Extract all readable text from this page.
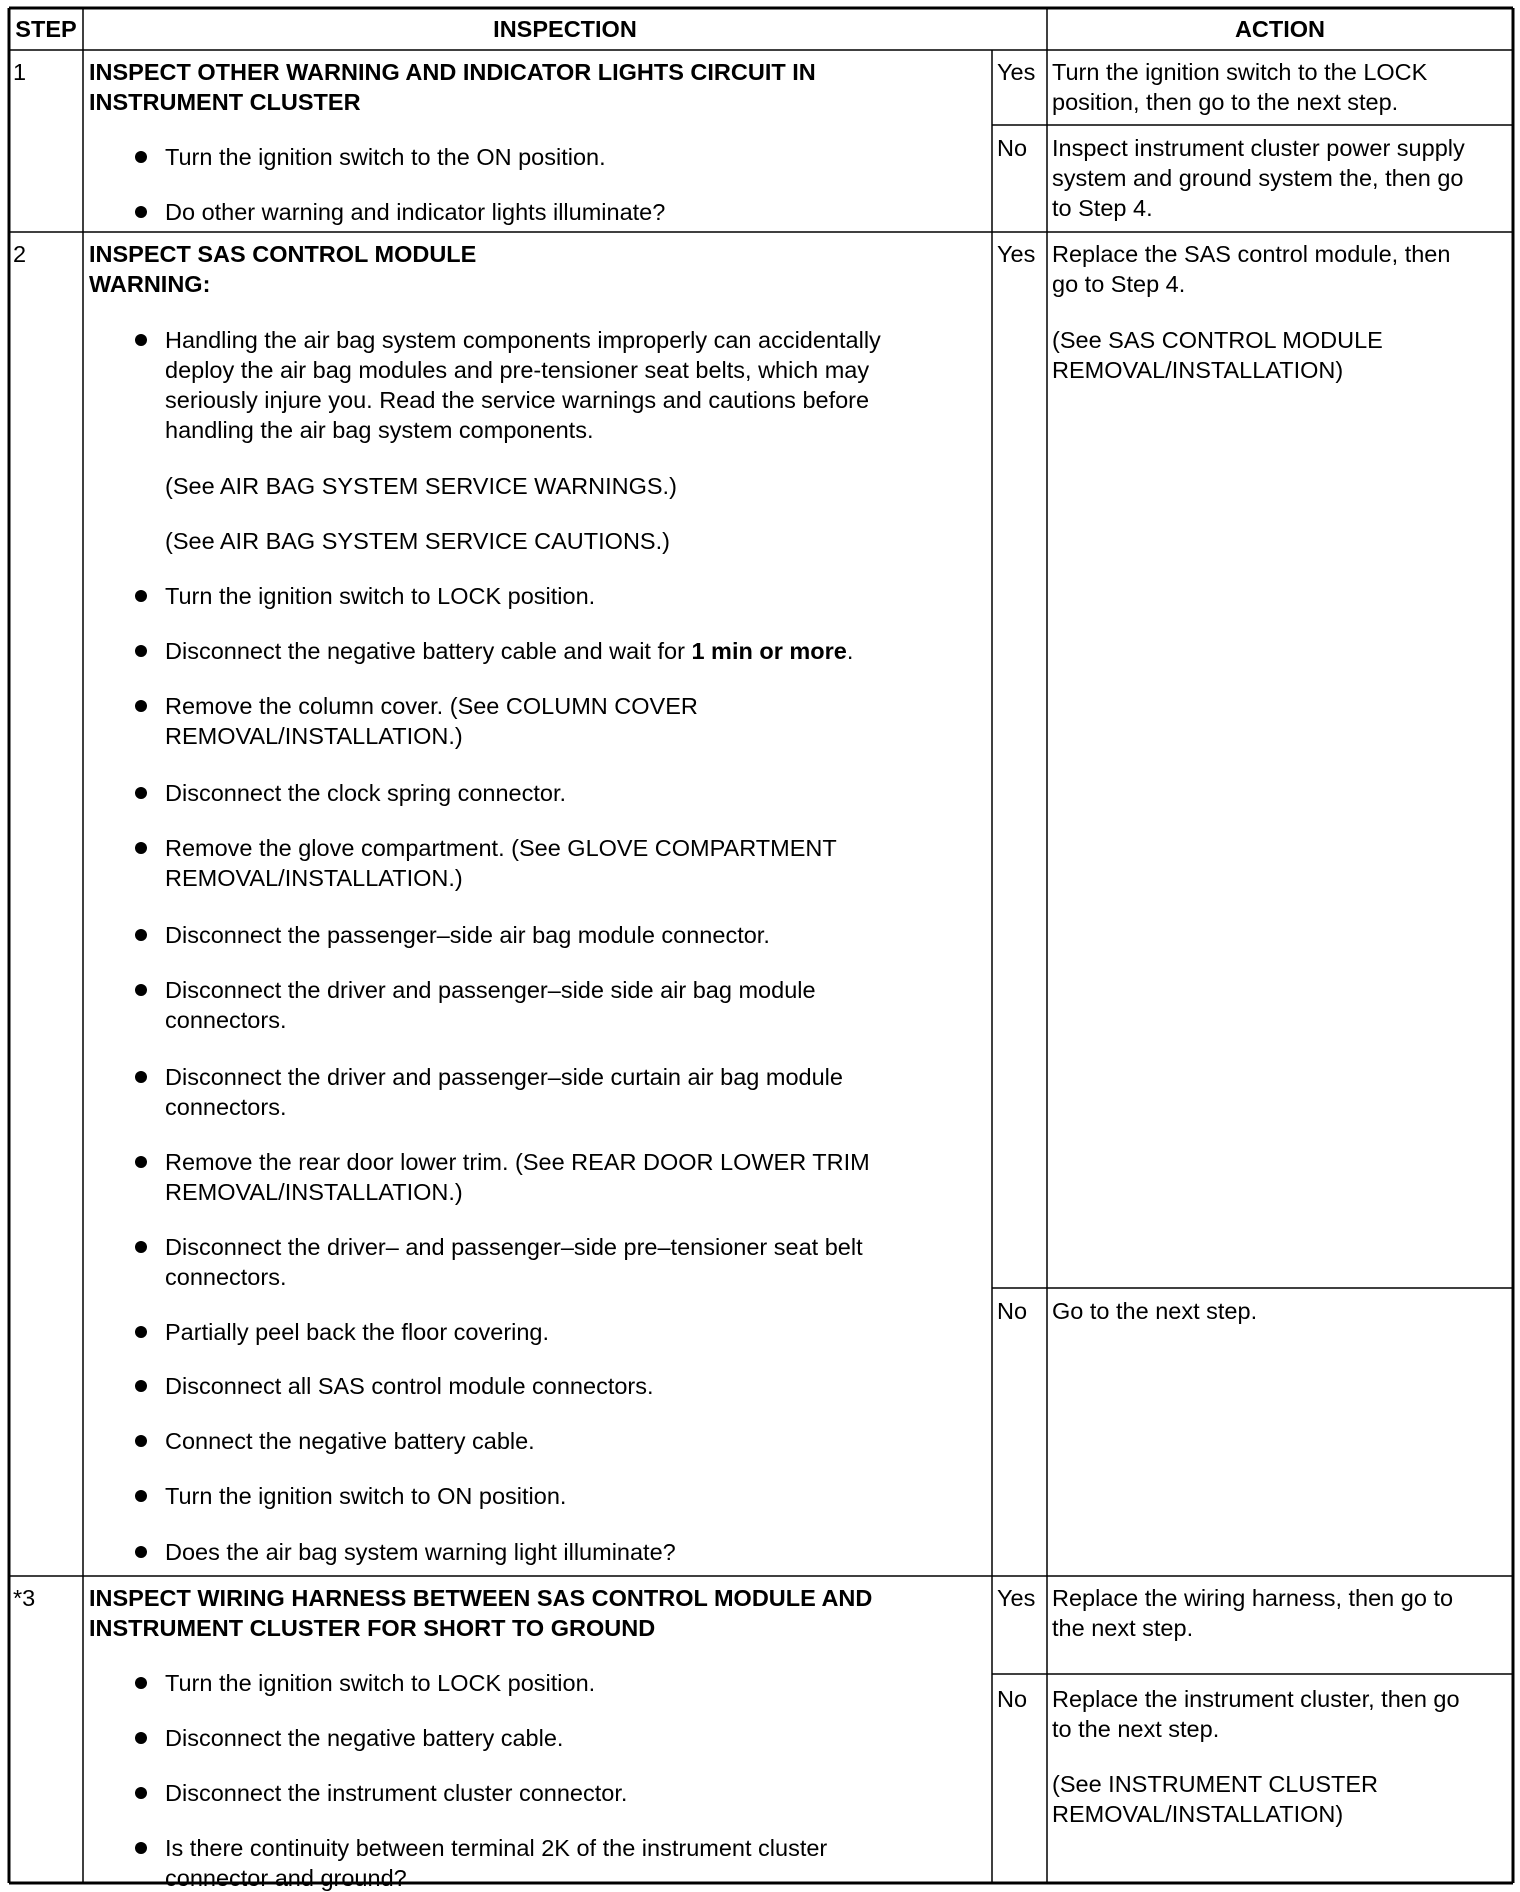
STEP	INSPECTION	ACTION
1	INSPECT OTHER WARNING AND INDICATOR LIGHTS CIRCUIT IN
INSTRUMENT CLUSTER
Turn the ignition switch to the ON position.
Do other warning and indicator lights illuminate?
Yes Turn the ignition switch to the LOCK
position, then go to the next step.
No Inspect instrument cluster power supply
system and ground system the, then go
to Step 4.
2	INSPECT SAS CONTROL MODULE
WARNING:
Handling the air bag system components improperly can accidentally
deploy the air bag modules and pre-tensioner seat belts, which may
seriously injure you. Read the service warnings and cautions before
handling the air bag system components.
(See AIR BAG SYSTEM SERVICE WARNINGS.)
(See AIR BAG SYSTEM SERVICE CAUTIONS.)
Turn the ignition switch to LOCK position.
Disconnect the negative battery cable and wait for 1 min or more.
Remove the column cover. (See COLUMN COVER
REMOVAL/INSTALLATION.)
Disconnect the clock spring connector.
Remove the glove compartment. (See GLOVE COMPARTMENT
REMOVAL/INSTALLATION.)
Disconnect the passenger–side air bag module connector.
Disconnect the driver and passenger–side side air bag module
connectors.
Disconnect the driver and passenger–side curtain air bag module
connectors.
Remove the rear door lower trim. (See REAR DOOR LOWER TRIM
REMOVAL/INSTALLATION.)
Disconnect the driver– and passenger–side pre–tensioner seat belt
connectors.
Partially peel back the floor covering.
Disconnect all SAS control module connectors.
Connect the negative battery cable.
Turn the ignition switch to ON position.
Does the air bag system warning light illuminate?
Yes Replace the SAS control module, then
go to Step 4.
(See SAS CONTROL MODULE
REMOVAL/INSTALLATION)
No Go to the next step.
*3 INSPECT WIRING HARNESS BETWEEN SAS CONTROL MODULE AND
INSTRUMENT CLUSTER FOR SHORT TO GROUND
Turn the ignition switch to LOCK position.
Disconnect the negative battery cable.
Disconnect the instrument cluster connector.
Is there continuity between terminal 2K of the instrument cluster
connector and ground?
Yes Replace the wiring harness, then go to
the next step.
No Replace the instrument cluster, then go
to the next step.
(See INSTRUMENT CLUSTER
REMOVAL/INSTALLATION)
